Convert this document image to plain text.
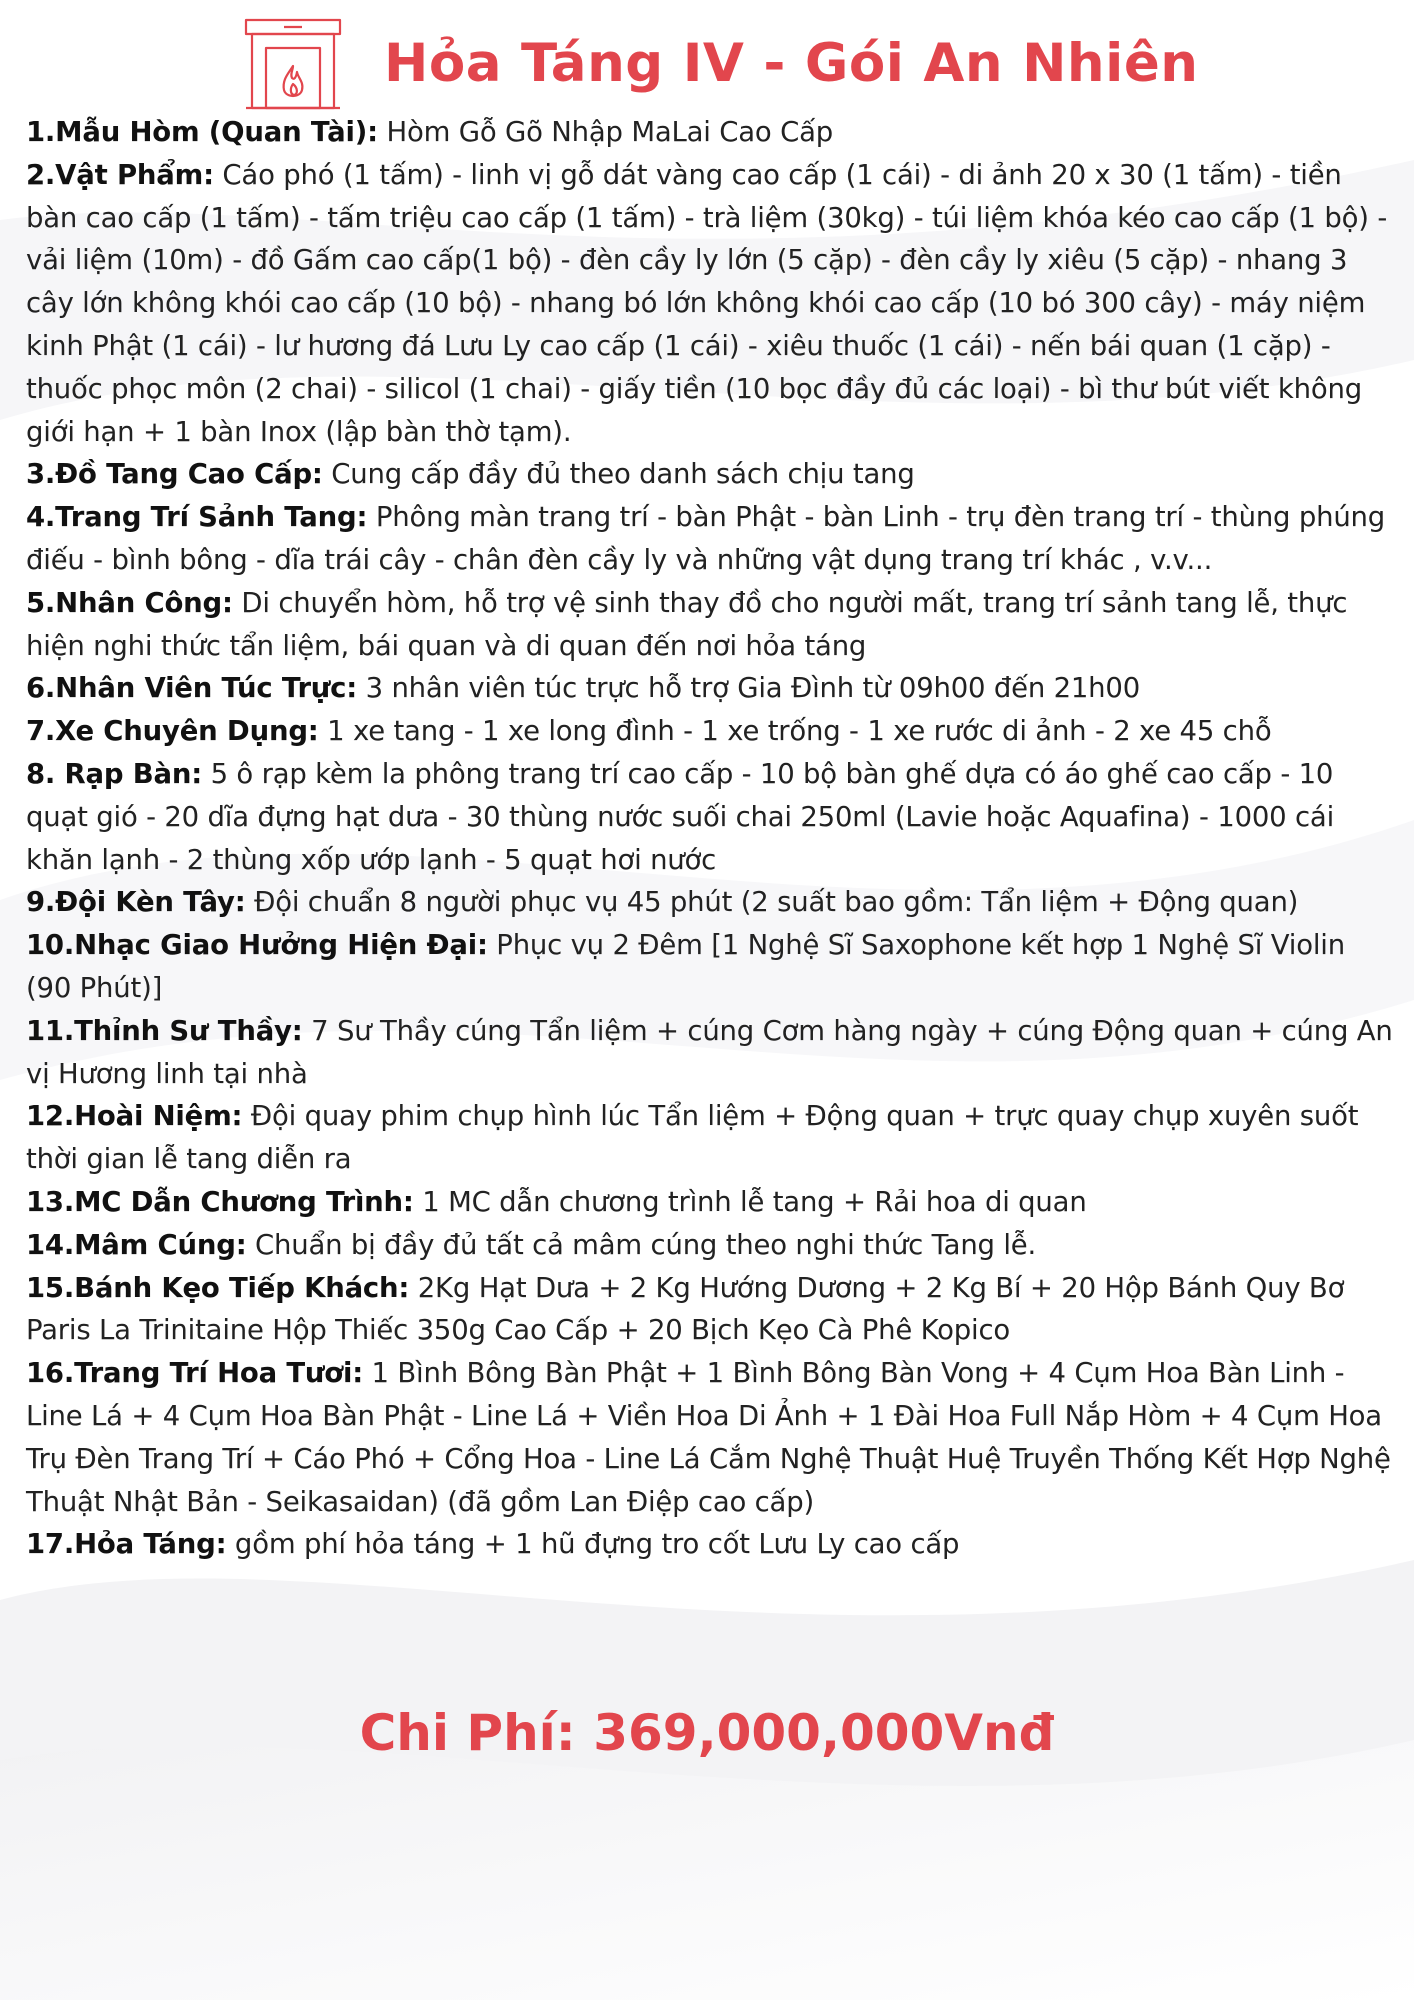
Hỏa Táng IV - Gói An Nhiên
1.Mẫu Hòm (Quan Tài): Hòm Gỗ Gõ Nhập MaLai Cao Cấp
2.Vật Phẩm: Cáo phó (1 tấm) - linh vị gỗ dát vàng cao cấp (1 cái) - di ảnh 20 x 30 (1 tấm) - tiền bàn cao cấp (1 tấm) - tấm triệu cao cấp (1 tấm) - trà liệm (30kg) - túi liệm khóa kéo cao cấp (1 bộ) - vải liệm (10m) - đồ Gấm cao cấp(1 bộ) - đèn cầy ly lớn (5 cặp) - đèn cầy ly xiêu (5 cặp) - nhang 3 cây lớn không khói cao cấp (10 bộ) - nhang bó lớn không khói cao cấp (10 bó 300 cây) - máy niệm kinh Phật (1 cái) - lư hương đá Lưu Ly cao cấp (1 cái) - xiêu thuốc (1 cái) - nến bái quan (1 cặp) - thuốc phọc môn (2 chai) - silicol (1 chai) - giấy tiền (10 bọc đầy đủ các loại) - bì thư bút viết không giới hạn + 1 bàn Inox (lập bàn thờ tạm).
3.Đồ Tang Cao Cấp: Cung cấp đầy đủ theo danh sách chịu tang
4.Trang Trí Sảnh Tang: Phông màn trang trí - bàn Phật - bàn Linh - trụ đèn trang trí - thùng phúng điếu - bình bông - dĩa trái cây - chân đèn cầy ly và những vật dụng trang trí khác , v.v...
5.Nhân Công: Di chuyển hòm, hỗ trợ vệ sinh thay đồ cho người mất, trang trí sảnh tang lễ, thực hiện nghi thức tẩn liệm, bái quan và di quan đến nơi hỏa táng
6.Nhân Viên Túc Trực: 3 nhân viên túc trực hỗ trợ Gia Đình từ 09h00 đến 21h00
7.Xe Chuyên Dụng: 1 xe tang - 1 xe long đình - 1 xe trống - 1 xe rước di ảnh - 2 xe 45 chỗ
8. Rạp Bàn: 5 ô rạp kèm la phông trang trí cao cấp - 10 bộ bàn ghế dựa có áo ghế cao cấp - 10 quạt gió - 20 dĩa đựng hạt dưa - 30 thùng nước suối chai 250ml (Lavie hoặc Aquafina) - 1000 cái khăn lạnh - 2 thùng xốp ướp lạnh - 5 quạt hơi nước
9.Đội Kèn Tây: Đội chuẩn 8 người phục vụ 45 phút (2 suất bao gồm: Tẩn liệm + Động quan)
10.Nhạc Giao Hưởng Hiện Đại: Phục vụ 2 Đêm [1 Nghệ Sĩ Saxophone kết hợp 1 Nghệ Sĩ Violin (90 Phút)]
11.Thỉnh Sư Thầy: 7 Sư Thầy cúng Tẩn liệm + cúng Cơm hàng ngày + cúng Động quan + cúng An vị Hương linh tại nhà
12.Hoài Niệm: Đội quay phim chụp hình lúc Tẩn liệm + Động quan + trực quay chụp xuyên suốt thời gian lễ tang diễn ra
13.MC Dẫn Chương Trình: 1 MC dẫn chương trình lễ tang + Rải hoa di quan
14.Mâm Cúng: Chuẩn bị đầy đủ tất cả mâm cúng theo nghi thức Tang lễ.
15.Bánh Kẹo Tiếp Khách: 2Kg Hạt Dưa + 2 Kg Hướng Dương + 2 Kg Bí + 20 Hộp Bánh Quy Bơ Paris La Trinitaine Hộp Thiếc 350g Cao Cấp + 20 Bịch Kẹo Cà Phê Kopico
16.Trang Trí Hoa Tươi: 1 Bình Bông Bàn Phật + 1 Bình Bông Bàn Vong + 4 Cụm Hoa Bàn Linh - Line Lá + 4 Cụm Hoa Bàn Phật - Line Lá + Viền Hoa Di Ảnh + 1 Đài Hoa Full Nắp Hòm + 4 Cụm Hoa Trụ Đèn Trang Trí + Cáo Phó + Cổng Hoa - Line Lá Cắm Nghệ Thuật Huệ Truyền Thống Kết Hợp Nghệ Thuật Nhật Bản - Seikasaidan) (đã gồm Lan Điệp cao cấp)
17.Hỏa Táng: gồm phí hỏa táng + 1 hũ đựng tro cốt Lưu Ly cao cấp
Chi Phí: 369,000,000Vnđ
